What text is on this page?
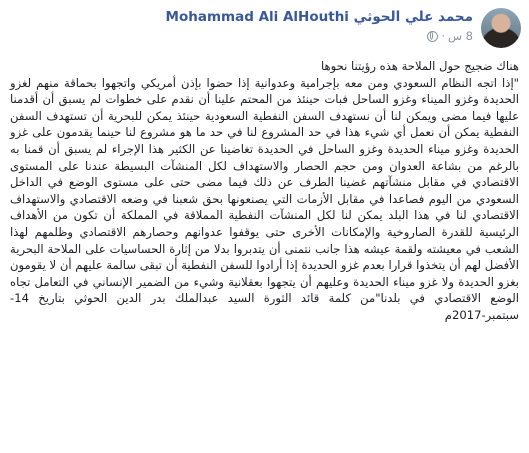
محمد علي الحوثي Mohammad Ali AlHouthi
8 س
·

هناك ضجيج حول الملاحة هذه رؤيتنا نحوها

"إذا اتجه النظام السعودي ومن معه بإجرامية وعدوانية إذا حضوا بإذن أمريكي واتجهوا بحماقة منهم لغزو الحديدة وغزو الميناء وغزو الساحل فبات حينئذ من المحتم علينا أن نقدم على خطوات لم يسبق أن أقدمنا عليها فيما مضى ويمكن لنا أن نستهدف السفن النفطية السعودية حينئذ يمكن للبحرية أن تستهدف السفن النفطية يمكن أن نعمل أي شيء هذا في حد المشروع لنا في حد ما هو مشروع لنا حينما يقدمون على غزو الحديدة وغزو ميناء الحديدة وغزو الساحل في الحديدة تغاضينا عن الكثير هذا الإجراء لم يسبق أن قمنا به بالرغم من بشاعة العدوان ومن حجم الحصار والاستهداف لكل المنشآت البسيطة عندنا على المستوى الاقتصادي في مقابل منشآتهم غضينا الطرف عن ذلك فيما مضى حتى على مستوى الوضع في الداخل السعودي من اليوم فصاعدا في مقابل الأزمات التي يصنعونها بحق شعبنا في وضعه الاقتصادي والاستهداف الاقتصادي لنا في هذا البلد يمكن لنا لكل المنشآت النفطية المملاقة في المملكة أن تكون من الأهداف الرئيسية للقدرة الصاروخية والإمكانات الأخرى حتى يوقفوا عدوانهم وحصارهم الاقتصادي وظلمهم لهذا الشعب في معيشته ولقمة عيشه هذا جانب نتمنى أن يتدبروا بدلا من إثارة الحساسيات على الملاحة البحرية الأفضل لهم أن يتخذوا قرارا بعدم غزو الحديدة إذا أرادوا للسفن النفطية أن تبقى سالمة عليهم أن لا يقومون بغزو الحديدة ولا غزو ميناء الحديدة وعليهم أن يتجهوا بعقلانية وشيء من الضمير الإنساني في التعامل تجاه الوضع الاقتصادي في بلدنا"من كلمة قائد الثورة السيد عبدالملك بدر الدين الحوثي بتاريخ 14-سبتمبر-2017م
